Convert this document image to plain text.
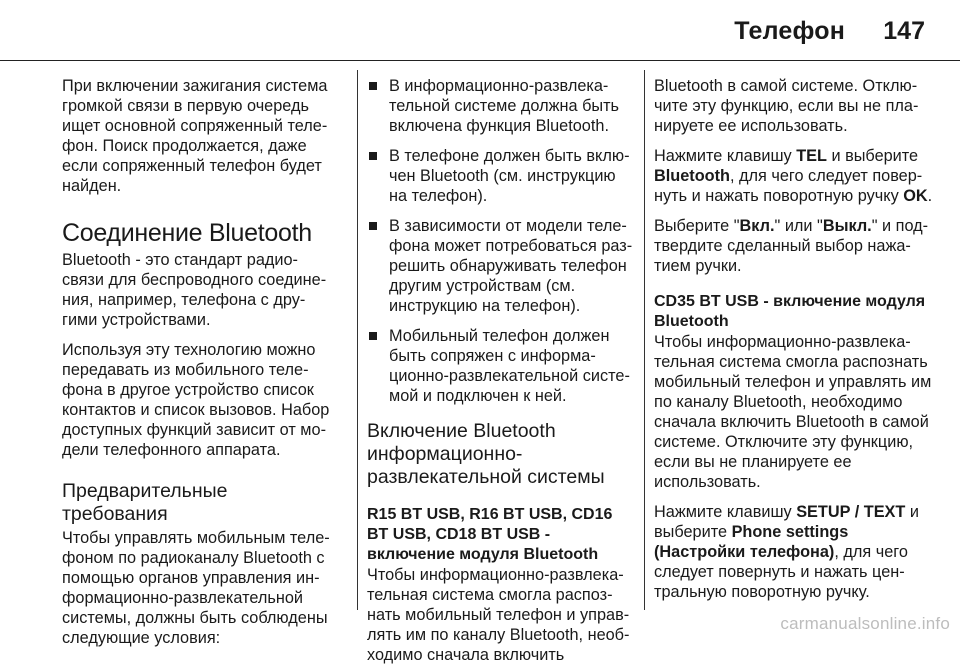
Телефон	147

При включении зажигания система громкой связи в первую очередь ищет основной сопряженный телефон. Поиск продолжается, даже если сопряженный телефон будет найден.

Соединение Bluetooth

Bluetooth - это стандарт радиосвязи для беспроводного соединения, например, телефона с другими устройствами.

Используя эту технологию можно передавать из мобильного телефона в другое устройство список контактов и список вызовов. Набор доступных функций зависит от модели телефонного аппарата.

Предварительные требования

Чтобы управлять мобильным телефоном по радиоканалу Bluetooth с помощью органов управления информационно-развлекательной системы, должны быть соблюдены следующие условия:

В информационно-развлекательной системе должна быть включена функция Bluetooth.
В телефоне должен быть включен Bluetooth (см. инструкцию на телефон).
В зависимости от модели телефона может потребоваться разрешить обнаруживать телефон другим устройствам (см. инструкцию на телефон).
Мобильный телефон должен быть сопряжен с информационно-развлекательной системой и подключен к ней.
Включение Bluetooth информационно-развлекательной системы
R15 BT USB, R16 BT USB, CD16 BT USB, CD18 BT USB - включение модуля Bluetooth

Чтобы информационно-развлекательная система смогла распознать мобильный телефон и управлять им по каналу Bluetooth, необходимо сначала включить

Bluetooth в самой системе. Отключите эту функцию, если вы не планируете ее использовать.

Нажмите клавишу TEL и выберите Bluetooth, для чего следует повернуть и нажать поворотную ручку OK.

Выберите "Вкл." или "Выкл." и подтвердите сделанный выбор нажатием ручки.

CD35 BT USB - включение модуля Bluetooth

Чтобы информационно-развлекательная система смогла распознать мобильный телефон и управлять им по каналу Bluetooth, необходимо сначала включить Bluetooth в самой системе. Отключите эту функцию, если вы не планируете ее использовать.

Нажмите клавишу SETUP / TEXT и выберите Phone settings (Настройки телефона), для чего следует повернуть и нажать центральную поворотную ручку.

carmanualsonline.info
